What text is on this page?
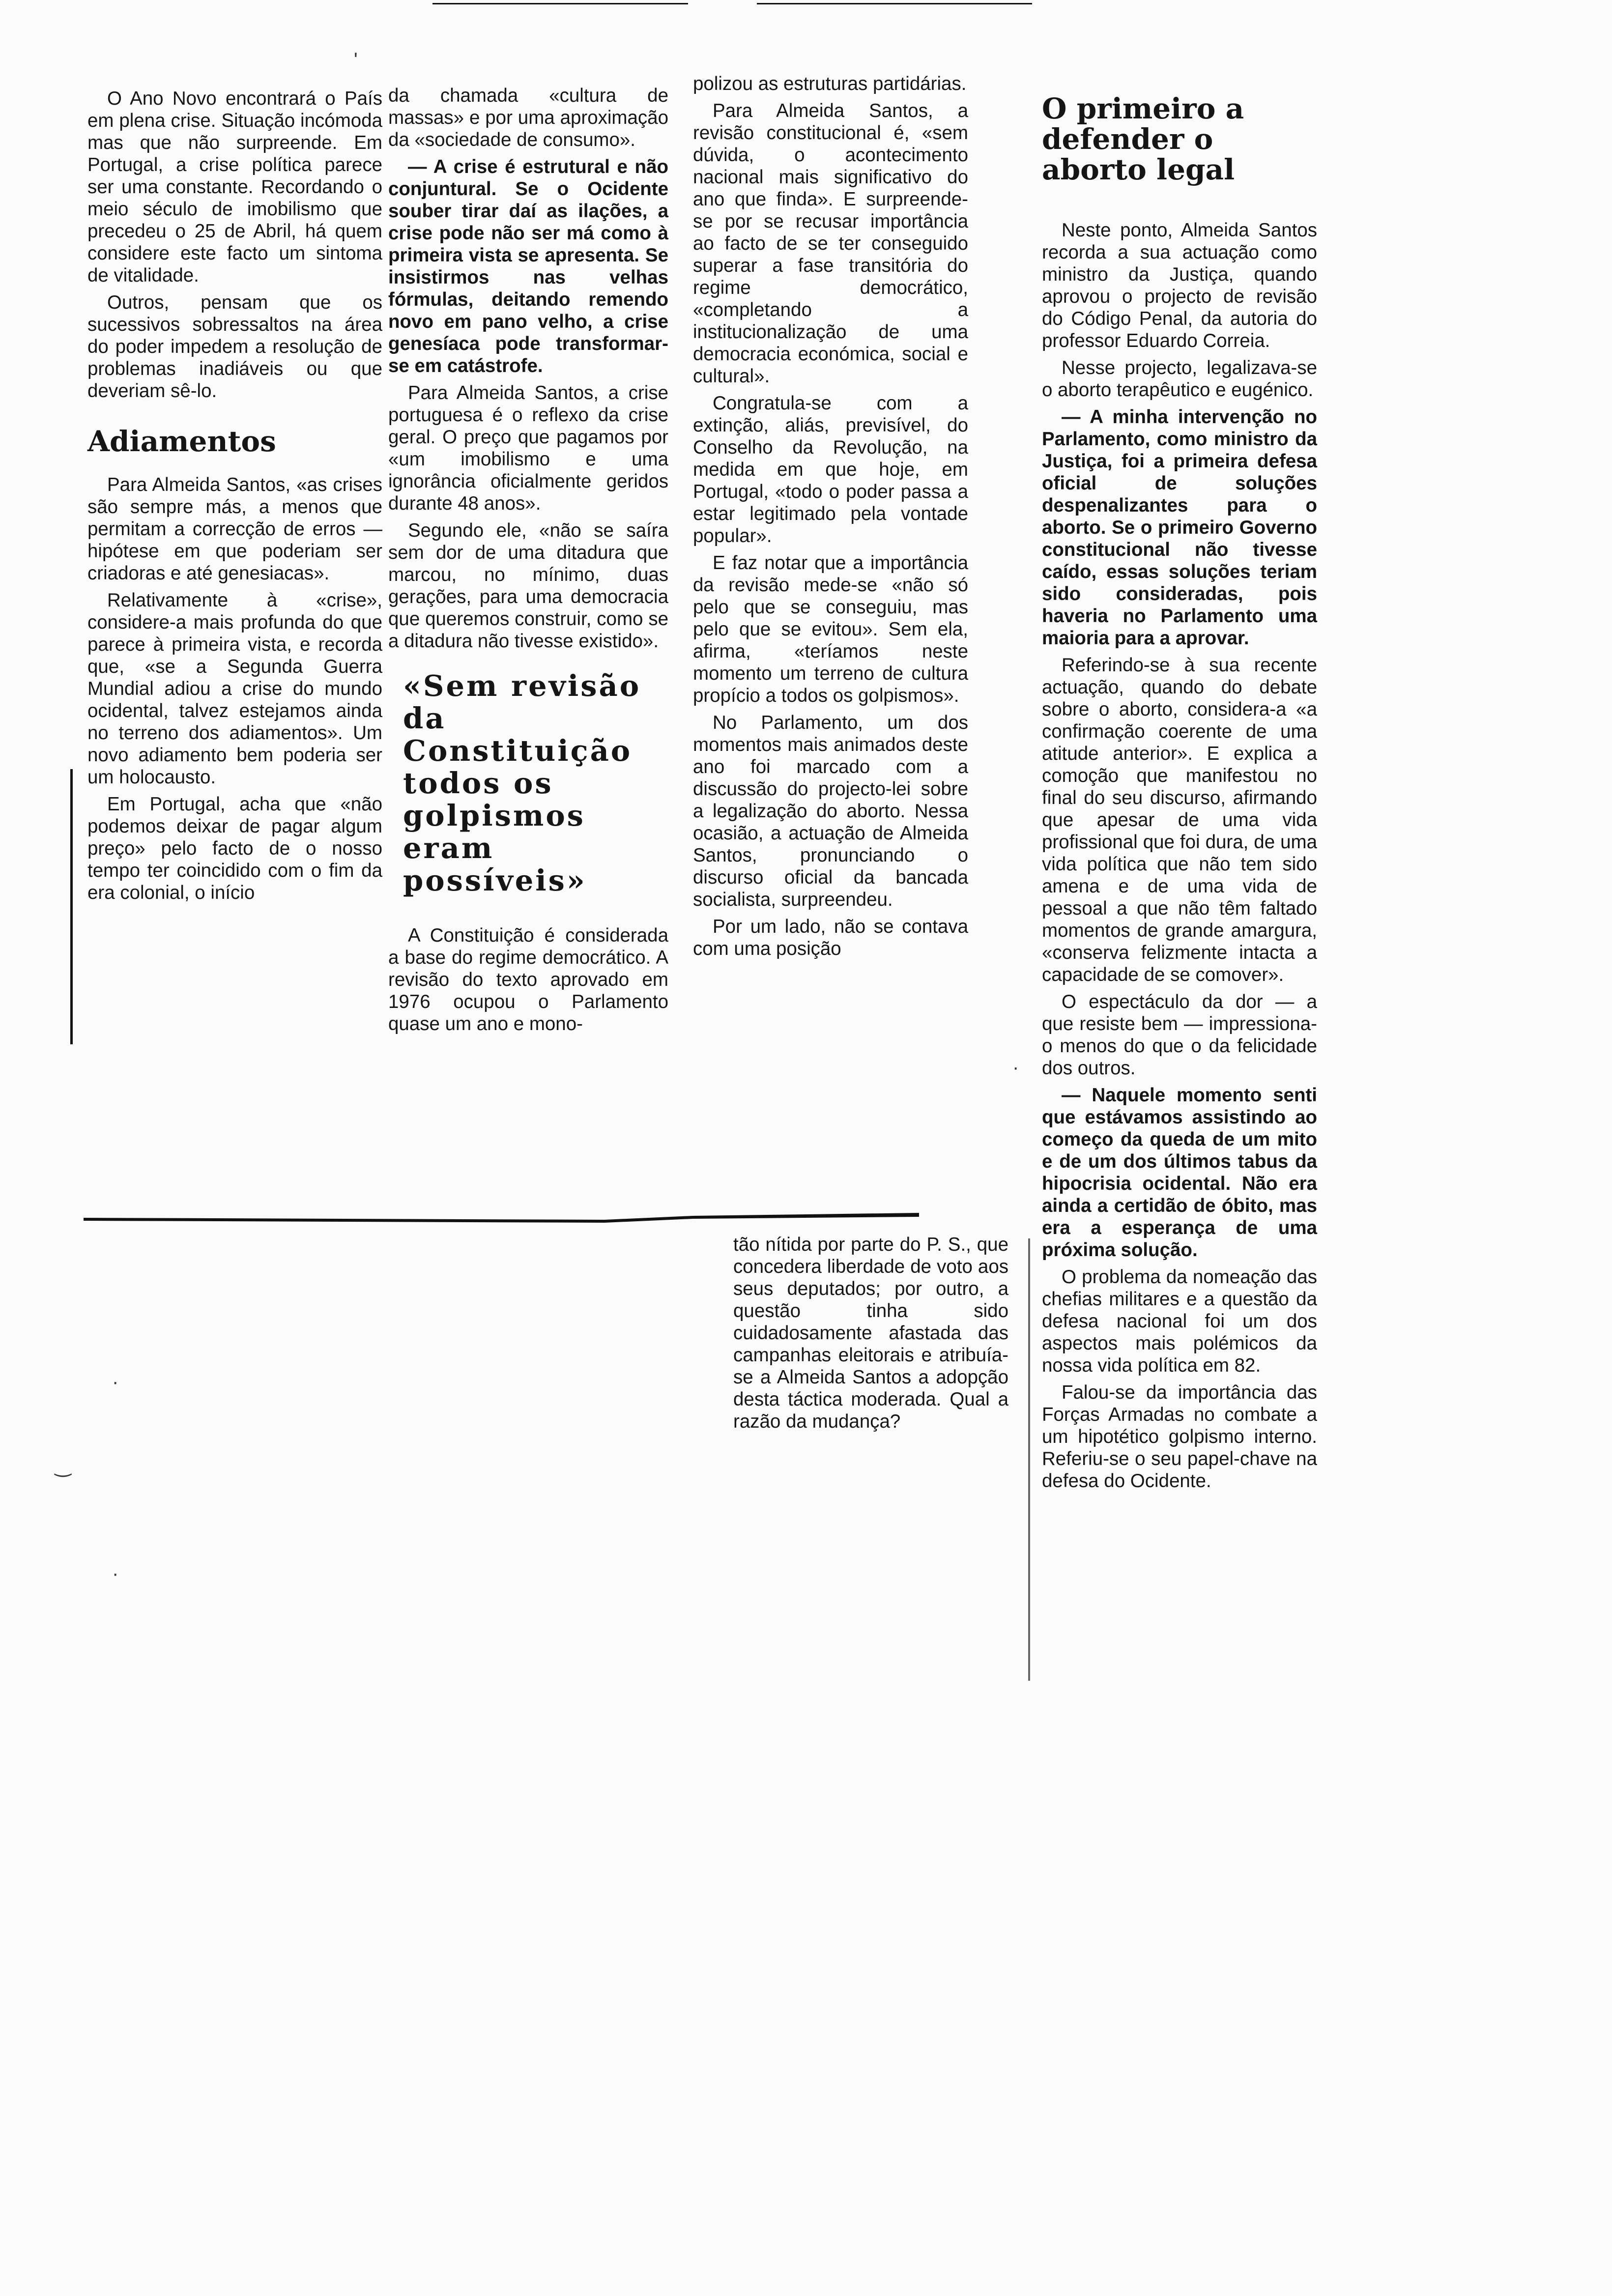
O Ano Novo encontrará o País em plena crise. Situação incómoda mas que não surpreende. Em Portugal, a crise política parece ser uma constante. Recordando o meio século de imobilismo que precedeu o 25 de Abril, há quem considere este facto um sintoma de vitalidade.

Outros, pensam que os sucessivos sobressaltos na área do poder impedem a resolução de problemas inadiáveis ou que deveriam sê-lo.

Adiamentos

Para Almeida Santos, «as crises são sempre más, a menos que permitam a correcção de erros — hipótese em que poderiam ser criadoras e até genesiacas».

Relativamente à «crise», considere-a mais profunda do que parece à primeira vista, e recorda que, «se a Segunda Guerra Mundial adiou a crise do mundo ocidental, talvez estejamos ainda no terreno dos adiamentos». Um novo adiamento bem poderia ser um holocausto.

Em Portugal, acha que «não podemos deixar de pagar algum preço» pelo facto de o nosso tempo ter coincidido com o fim da era colonial, o início

da chamada «cultura de massas» e por uma aproximação da «sociedade de consumo».

— A crise é estrutural e não conjuntural. Se o Ocidente souber tirar daí as ilações, a crise pode não ser má como à primeira vista se apresenta. Se insistirmos nas velhas fórmulas, deitando remendo novo em pano velho, a crise genesíaca pode transformar-se em catástrofe.

Para Almeida Santos, a crise portuguesa é o reflexo da crise geral. O preço que pagamos por «um imobilismo e uma ignorância oficialmente geridos durante 48 anos».

Segundo ele, «não se saíra sem dor de uma ditadura que marcou, no mínimo, duas gerações, para uma democracia que queremos construir, como se a ditadura não tivesse existido».

«Sem revisão da Constituição todos os golpismos eram possíveis»

A Constituição é considerada a base do regime democrático. A revisão do texto aprovado em 1976 ocupou o Parlamento quase um ano e mono-

polizou as estruturas partidárias.

Para Almeida Santos, a revisão constitucional é, «sem dúvida, o acontecimento nacional mais significativo do ano que finda». E surpreende-se por se recusar importância ao facto de se ter conseguido superar a fase transitória do regime democrático, «completando a institucionalização de uma democracia económica, social e cultural».

Congratula-se com a extinção, aliás, previsível, do Conselho da Revolução, na medida em que hoje, em Portugal, «todo o poder passa a estar legitimado pela vontade popular».

E faz notar que a importância da revisão mede-se «não só pelo que se conseguiu, mas pelo que se evitou». Sem ela, afirma, «teríamos neste momento um terreno de cultura propício a todos os golpismos».

No Parlamento, um dos momentos mais animados deste ano foi marcado com a discussão do projecto-lei sobre a legalização do aborto. Nessa ocasião, a actuação de Almeida Santos, pronunciando o discurso oficial da bancada socialista, surpreendeu.

Por um lado, não se contava com uma posição

tão nítida por parte do P. S., que concedera liberdade de voto aos seus deputados; por outro, a questão tinha sido cuidadosamente afastada das campanhas eleitorais e atribuía-se a Almeida Santos a adopção desta táctica moderada. Qual a razão da mudança?

O primeiro a defender o aborto legal

Neste ponto, Almeida Santos recorda a sua actuação como ministro da Justiça, quando aprovou o projecto de revisão do Código Penal, da autoria do professor Eduardo Correia.

Nesse projecto, legalizava-se o aborto terapêutico e eugénico.

— A minha intervenção no Parlamento, como ministro da Justiça, foi a primeira defesa oficial de soluções despenalizantes para o aborto. Se o primeiro Governo constitucional não tivesse caído, essas soluções teriam sido consideradas, pois haveria no Parlamento uma maioria para a aprovar.

Referindo-se à sua recente actuação, quando do debate sobre o aborto, considera-a «a confirmação coerente de uma atitude anterior». E explica a comoção que manifestou no final do seu discurso, afirmando que apesar de uma vida profissional que foi dura, de uma vida política que não tem sido amena e de uma vida de pessoal a que não têm faltado momentos de grande amargura, «conserva felizmente intacta a capacidade de se comover».

O espectáculo da dor — a que resiste bem — impressiona-o menos do que o da felicidade dos outros.

— Naquele momento senti que estávamos assistindo ao começo da queda de um mito e de um dos últimos tabus da hipocrisia ocidental. Não era ainda a certidão de óbito, mas era a esperança de uma próxima solução.

O problema da nomeação das chefias militares e a questão da defesa nacional foi um dos aspectos mais polémicos da nossa vida política em 82.

Falou-se da importância das Forças Armadas no combate a um hipotético golpismo interno. Referiu-se o seu papel-chave na defesa do Ocidente.

'
·
·
‿
·
